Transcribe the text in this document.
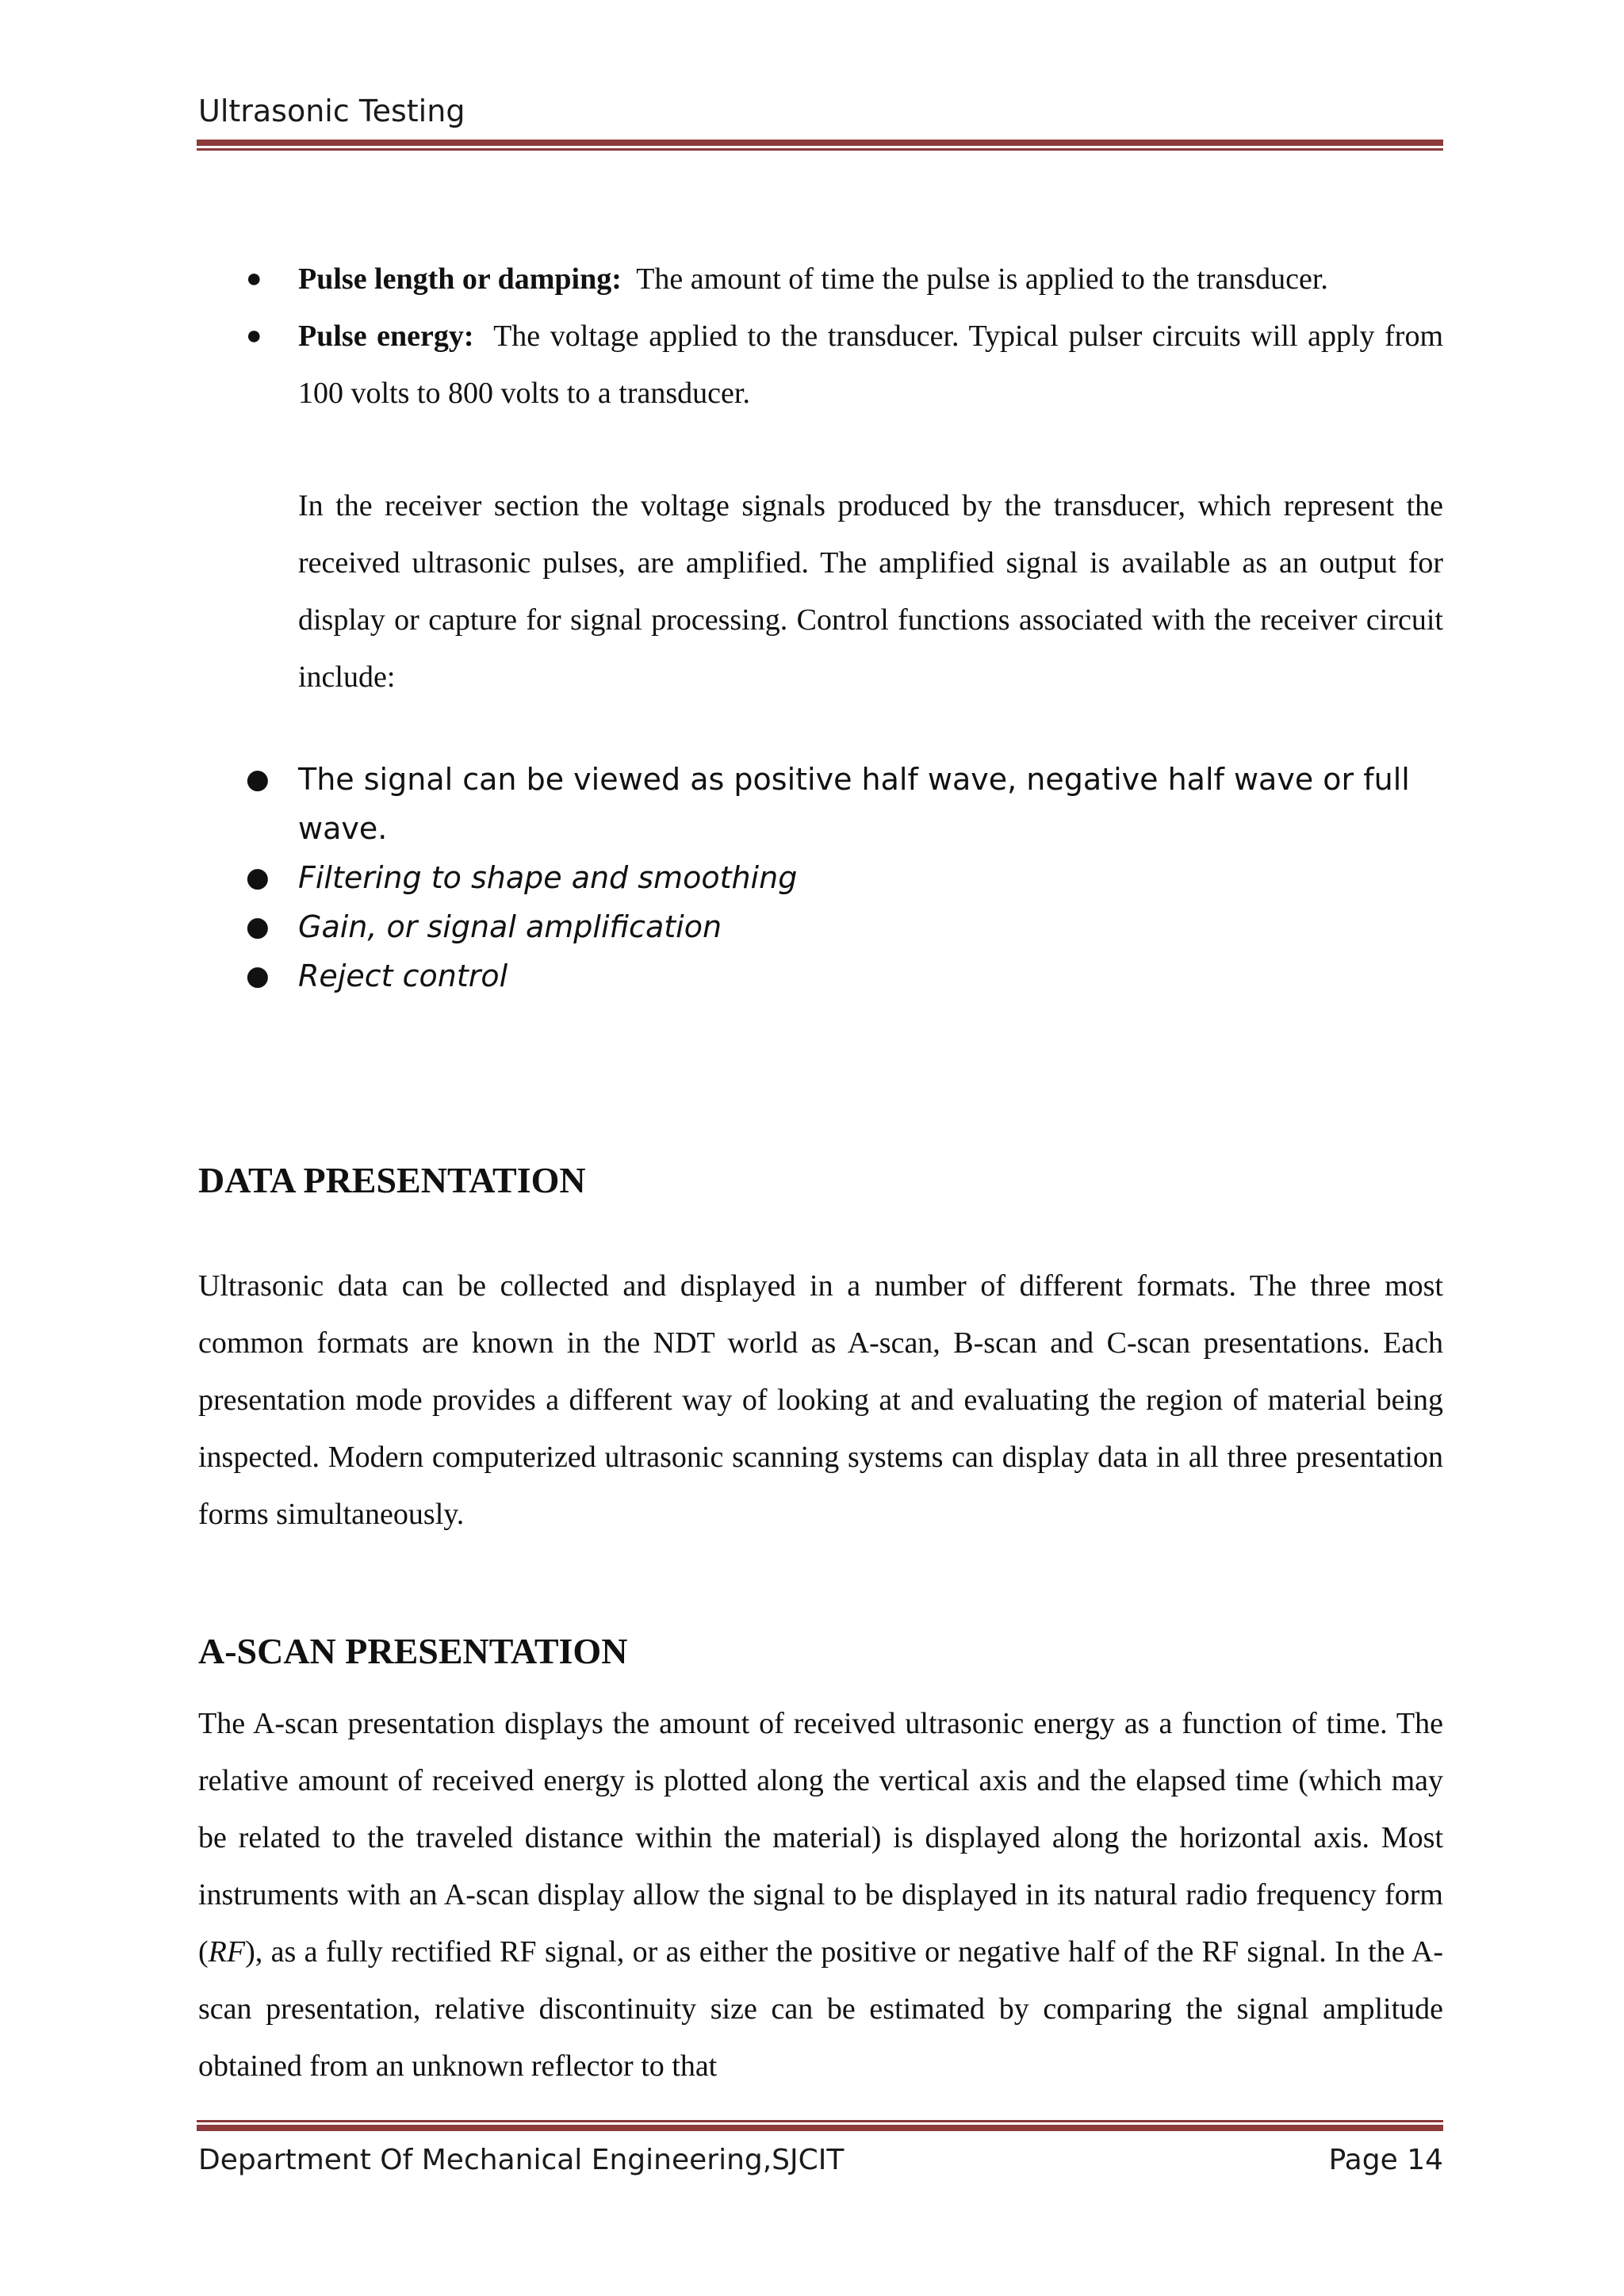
Ultrasonic Testing
●	Pulse length or damping: The amount of time the pulse is applied to the transducer.
●	Pulse energy: The voltage applied to the transducer. Typical pulser circuits will apply from 100 volts to 800 volts to a transducer.

In the receiver section the voltage signals produced by the transducer, which represent the received ultrasonic pulses, are amplified. The amplified signal is available as an output for display or capture for signal processing. Control functions associated with the receiver circuit include:

● The signal can be viewed as positive half wave, negative half wave or full wave.
● Filtering to shape and smoothing
● Gain, or signal amplification
● Reject control
DATA PRESENTATION

Ultrasonic data can be collected and displayed in a number of different formats. The three most common formats are known in the NDT world as A-scan, B-scan and C-scan presentations. Each presentation mode provides a different way of looking at and evaluating the region of material being inspected. Modern computerized ultrasonic scanning systems can display data in all three presentation forms simultaneously.

A-SCAN PRESENTATION

The A-scan presentation displays the amount of received ultrasonic energy as a function of time. The relative amount of received energy is plotted along the vertical axis and the elapsed time (which may be related to the traveled distance within the material) is displayed along the horizontal axis. Most instruments with an A-scan display allow the signal to be displayed in its natural radio frequency form (RF), as a fully rectified RF signal, or as either the positive or negative half of the RF signal. In the A-scan presentation, relative discontinuity size can be estimated by comparing the signal amplitude obtained from an unknown reflector to that

Department Of Mechanical Engineering,SJCIT	Page 14
